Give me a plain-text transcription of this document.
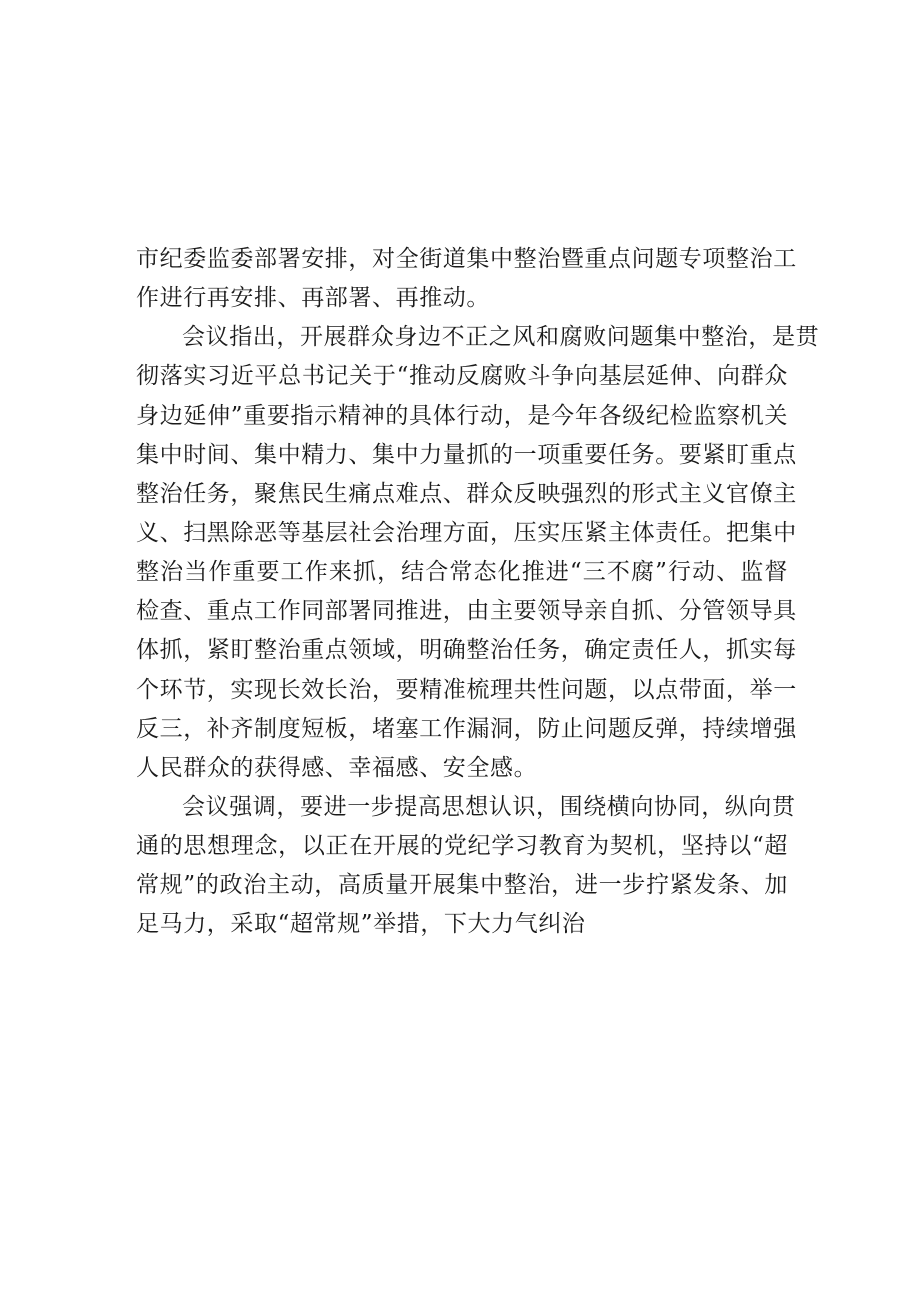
市纪委监委部署安排，对全街道集中整治暨重点问题专项整治工
作进行再安排、再部署、再推动。
会议指出，开展群众身边不正之风和腐败问题集中整治，是贯
彻落实习近平总书记关于“推动反腐败斗争向基层延伸、向群众
身边延伸”重要指示精神的具体行动，是今年各级纪检监察机关
集中时间、集中精力、集中力量抓的一项重要任务。要紧盯重点
整治任务，聚焦民生痛点难点、群众反映强烈的形式主义官僚主
义、扫黑除恶等基层社会治理方面，压实压紧主体责任。把集中
整治当作重要工作来抓，结合常态化推进“三不腐”行动、监督
检查、重点工作同部署同推进，由主要领导亲自抓、分管领导具
体抓，紧盯整治重点领域，明确整治任务，确定责任人，抓实每
个环节，实现长效长治，要精准梳理共性问题，以点带面，举一
反三，补齐制度短板，堵塞工作漏洞，防止问题反弹，持续增强
人民群众的获得感、幸福感、安全感。
会议强调，要进一步提高思想认识，围绕横向协同，纵向贯
通的思想理念，以正在开展的党纪学习教育为契机，坚持以“超
常规”的政治主动，高质量开展集中整治，进一步拧紧发条、加
足马力，采取“超常规”举措，下大力气纠治
